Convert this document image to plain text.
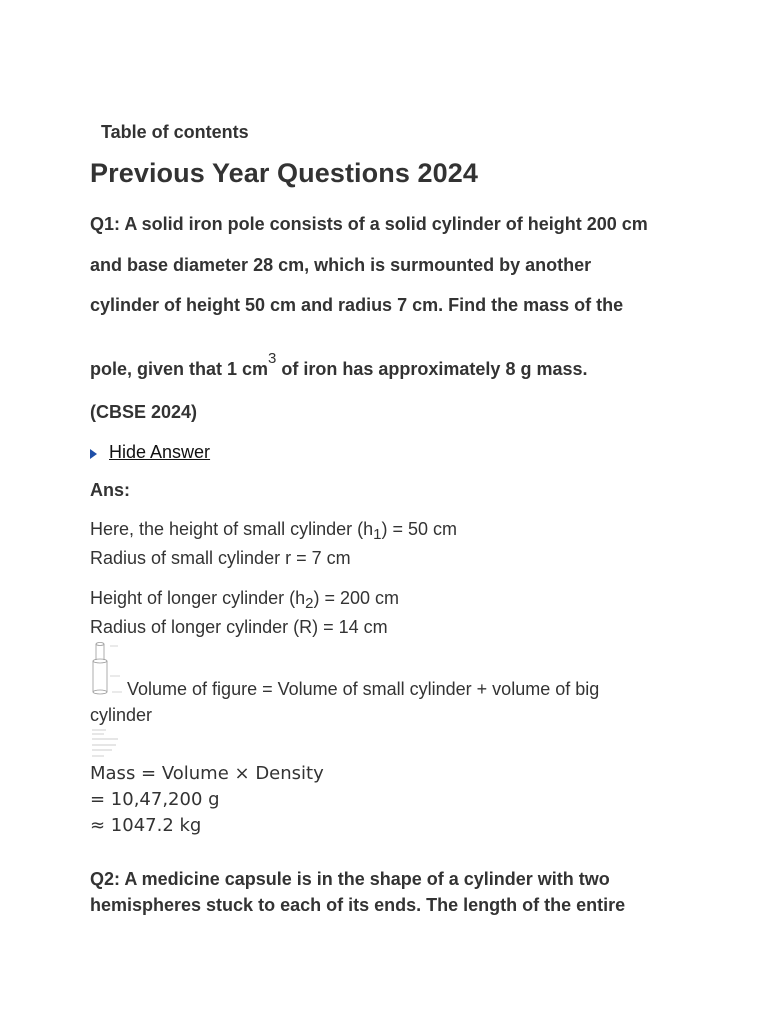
Table of contents
Previous Year Questions 2024
Q1: A solid iron pole consists of a solid cylinder of height 200 cm
and base diameter 28 cm, which is surmounted by another
cylinder of height 50 cm and radius 7 cm. Find the mass of the
pole, given that 1 $cm^3$ of iron has approximately 8 g mass.
(CBSE 2024)
Hide Answer
Ans:
Here, the height of small cylinder $(h_1) = 50$ cm
Radius of small cylinder r = 7 cm
Height of longer cylinder $(h_2) = 200$ cm
Radius of longer cylinder (R) = 14 cm
Volume of figure = Volume of small cylinder + volume of big
cylinder
Mass = Volume × Density
= 10,47,200 g
≈ 1047.2 kg
Q2: A medicine capsule is in the shape of a cylinder with two
hemispheres stuck to each of its ends. The length of the entire
